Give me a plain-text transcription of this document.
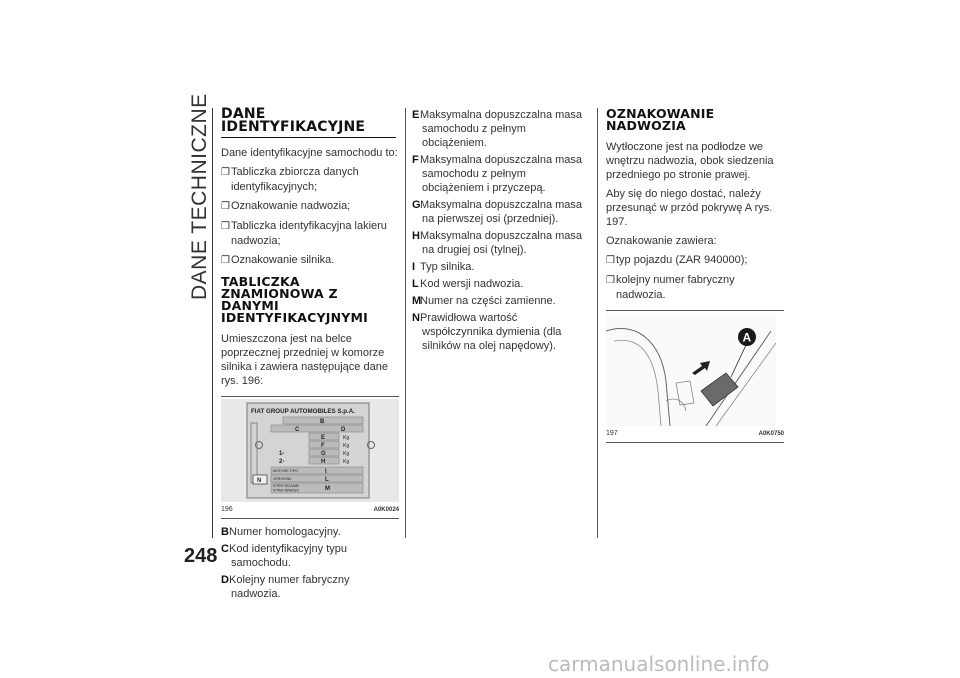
DANE TECHNICZNE
248
DANE IDENTYFIKACYJNE

Dane identyfikacyjne samochodu to:

❒Tabliczka zbiorcza danych identyfikacyjnych;
❒Oznakowanie nadwozia;
❒Tabliczka identyfikacyjna lakieru nadwozia;
❒Oznakowanie silnika.
TABLICZKA ZNAMIONOWA Z DANYMI IDENTYFIKACYJNYMI

Umieszczona jest na belce poprzecznej przedniej w komorze silnika i zawiera następujące dane rys. 196:

FIAT GROUP AUTOMOBILES S.p.A.
B
C	D
E	Kg
F	Kg
1-	G	Kg
2-	H	Kg
MOTORE TIPO	I
VERSIONE	L
N°PER RICAMBI
N°PER SPARGO	M
N
196	A0K0024
BNumer homologacyjny.
CKod identyfikacyjny typu samochodu.
DKolejny numer fabryczny nadwozia.
EMaksymalna dopuszczalna masa samochodu z pełnym obciążeniem.
FMaksymalna dopuszczalna masa samochodu z pełnym obciążeniem i przyczepą.
GMaksymalna dopuszczalna masa na pierwszej osi (przedniej).
HMaksymalna dopuszczalna masa na drugiej osi (tylnej).
I Typ silnika.
LKod wersji nadwozia.
MNumer na części zamienne.
NPrawidłowa wartość współczynnika dymienia (dla silników na olej napędowy).
OZNAKOWANIE NADWOZIA

Wytłoczone jest na podłodze we wnętrzu nadwozia, obok siedzenia przedniego po stronie prawej.

Aby się do niego dostać, należy przesunąć w przód pokrywę A rys. 197.

Oznakowanie zawiera:

❒typ pojazdu (ZAR 940000);
❒kolejny numer fabryczny nadwozia.
A
197	A0K0750
carmanualsonline.info
